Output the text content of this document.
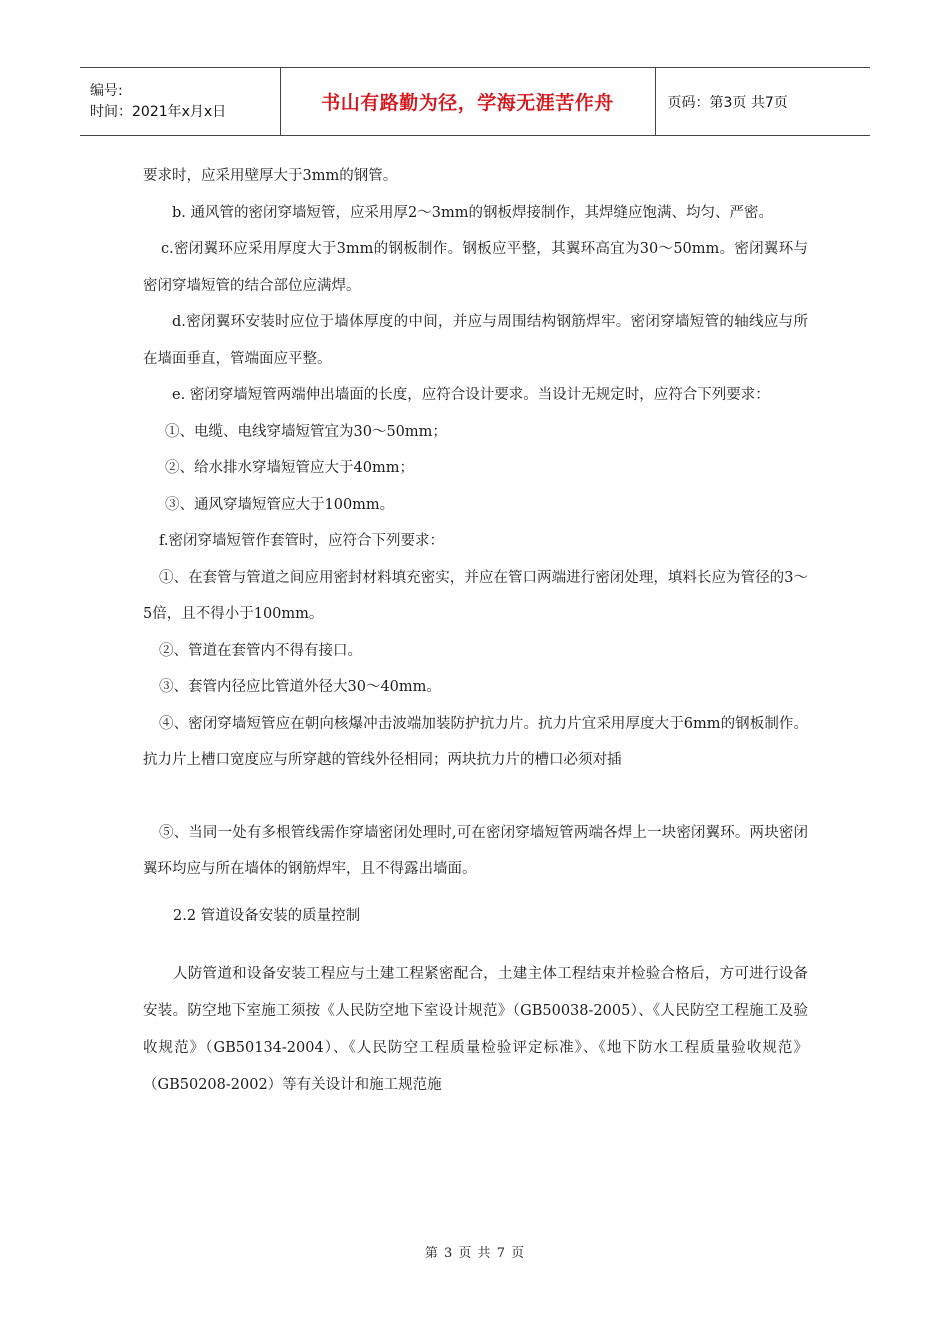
编号:
时间：2021年x月x日	书山有路勤为径，学海无涯苦作舟	页码：第3页 共7页

要求时，应采用壁厚大于3mm的钢管。

b. 通风管的密闭穿墙短管，应采用厚2～3mm的钢板焊接制作，其焊缝应饱满、均匀、严密。

c.密闭翼环应采用厚度大于3mm的钢板制作。钢板应平整，其翼环高宜为30～50mm。密闭翼环与密闭穿墙短管的结合部位应满焊。

d.密闭翼环安装时应位于墙体厚度的中间，并应与周围结构钢筋焊牢。密闭穿墙短管的轴线应与所在墙面垂直，管端面应平整。

e. 密闭穿墙短管两端伸出墙面的长度，应符合设计要求。当设计无规定时，应符合下列要求：

①、电缆、电线穿墙短管宜为30～50mm；

②、给水排水穿墙短管应大于40mm；

③、通风穿墙短管应大于100mm。

f.密闭穿墙短管作套管时，应符合下列要求：

①、在套管与管道之间应用密封材料填充密实，并应在管口两端进行密闭处理，填料长应为管径的3～5倍，且不得小于100mm。

②、管道在套管内不得有接口。

③、套管内径应比管道外径大30～40mm。

④、密闭穿墙短管应在朝向核爆冲击波端加装防护抗力片。抗力片宜采用厚度大于6mm的钢板制作。抗力片上槽口宽度应与所穿越的管线外径相同；两块抗力片的槽口必须对插

⑤、当同一处有多根管线需作穿墙密闭处理时,可在密闭穿墙短管两端各焊上一块密闭翼环。两块密闭翼环均应与所在墙体的钢筋焊牢，且不得露出墙面。

2.2 管道设备安装的质量控制

人防管道和设备安装工程应与土建工程紧密配合，土建主体工程结束并检验合格后，方可进行设备安装。防空地下室施工须按《人民防空地下室设计规范》（GB50038-2005）、《人民防空工程施工及验收规范》（GB50134-2004）、《人民防空工程质量检验评定标准》、《地下防水工程质量验收规范》（GB50208-2002）等有关设计和施工规范施

第 3 页 共 7 页
